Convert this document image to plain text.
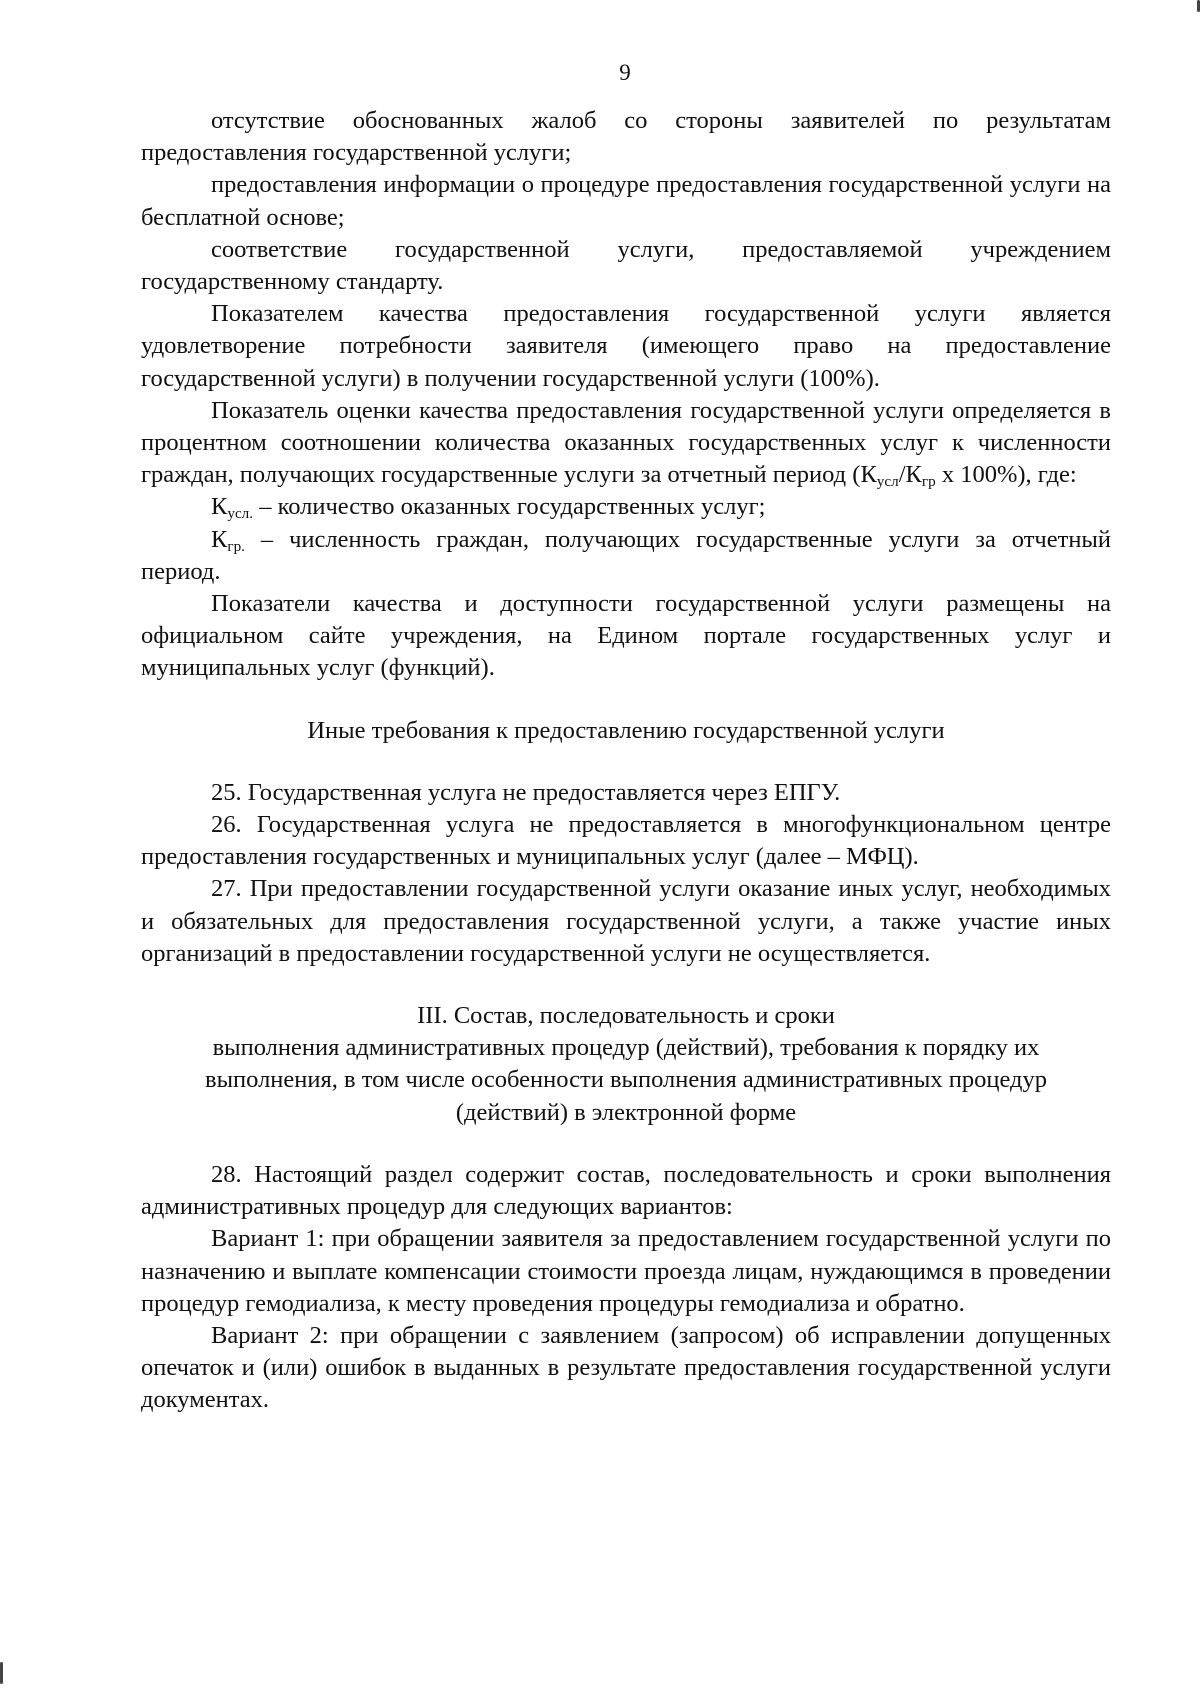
9

отсутствие обоснованных жалоб со стороны заявителей по результатам предоставления государственной услуги;

предоставления информации о процедуре предоставления государственной услуги на бесплатной основе;

соответствие государственной услуги, предоставляемой учреждением государственному стандарту.

Показателем качества предоставления государственной услуги является удовлетворение потребности заявителя (имеющего право на предоставление государственной услуги) в получении государственной услуги (100%).

Показатель оценки качества предоставления государственной услуги определяется в процентном соотношении количества оказанных государственных услуг к численности граждан, получающих государственные услуги за отчетный период ($К_{усл}/К_{гр}$ х 100%), где:

$К_{усл.}$ – количество оказанных государственных услуг;

$К_{гр.}$ – численность граждан, получающих государственные услуги за отчетный период.

Показатели качества и доступности государственной услуги размещены на официальном сайте учреждения, на Едином портале государственных услуг и муниципальных услуг (функций).

Иные требования к предоставлению государственной услуги

25. Государственная услуга не предоставляется через ЕПГУ.

26. Государственная услуга не предоставляется в многофункциональном центре предоставления государственных и муниципальных услуг (далее – МФЦ).

27. При предоставлении государственной услуги оказание иных услуг, необходимых и обязательных для предоставления государственной услуги, а также участие иных организаций в предоставлении государственной услуги не осуществляется.

III. Состав, последовательность и сроки
выполнения административных процедур (действий), требования к порядку их
выполнения, в том числе особенности выполнения административных процедур
(действий) в электронной форме

28. Настоящий раздел содержит состав, последовательность и сроки выполнения административных процедур для следующих вариантов:

Вариант 1: при обращении заявителя за предоставлением государственной услуги по назначению и выплате компенсации стоимости проезда лицам, нуждающимся в проведении процедур гемодиализа, к месту проведения процедуры гемодиализа и обратно.

Вариант 2: при обращении с заявлением (запросом) об исправлении допущенных опечаток и (или) ошибок в выданных в результате предоставления государственной услуги документах.
